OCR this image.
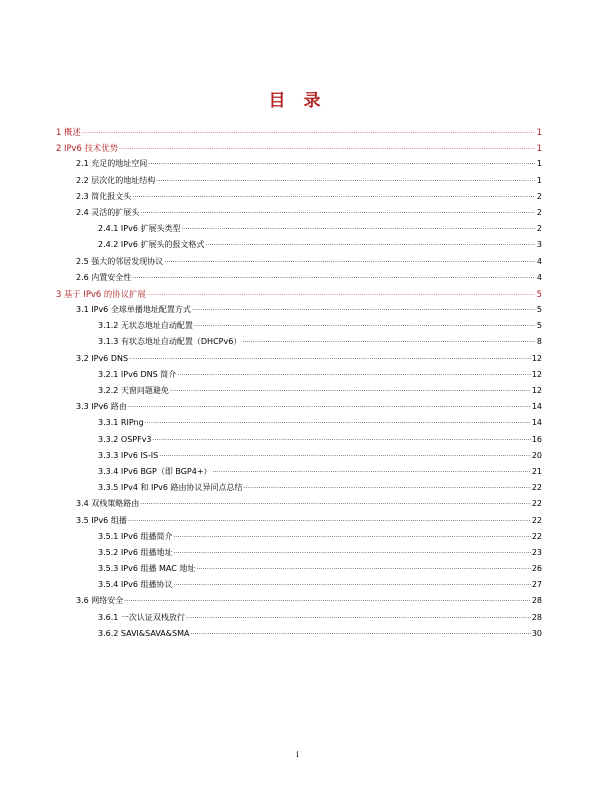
目 录
1 概述 ·····	1
2 IPv6 技术优势 ·····	1
2.1 充足的地址空间 ·····	1
2.2 层次化的地址结构 ·····	1
2.3 简化报文头 ·····	2
2.4 灵活的扩展头 ·····	2
2.4.1 IPv6 扩展头类型 ·····	2
2.4.2 IPv6 扩展头的报文格式 ·····	3
2.5 强大的邻居发现协议 ·····	4
2.6 内置安全性 ·····	4
3 基于 IPv6 的协议扩展 ·····	5
3.1 IPv6 全球单播地址配置方式 ·····	5
3.1.2 无状态地址自动配置 ·····	5
3.1.3 有状态地址自动配置（DHCPv6） ·····	8
3.2 IPv6 DNS ·····	12
3.2.1 IPv6 DNS 简介 ·····	12
3.2.2 天窗问题避免 ·····	12
3.3 IPv6 路由 ·····	14
3.3.1 RIPng ·····	14
3.3.2 OSPFv3 ·····	16
3.3.3 IPv6 IS-IS ·····	20
3.3.4 IPv6 BGP（即 BGP4+） ·····	21
3.3.5 IPv4 和 IPv6 路由协议异同点总结 ·····	22
3.4 双栈策略路由 ·····	22
3.5 IPv6 组播 ·····	22
3.5.1 IPv6 组播简介 ·····	22
3.5.2 IPv6 组播地址 ·····	23
3.5.3 IPv6 组播 MAC 地址 ·····	26
3.5.4 IPv6 组播协议 ·····	27
3.6 网络安全 ·····	28
3.6.1 一次认证双栈放行 ·····	28
3.6.2 SAVI&SAVA&SMA ·····	30
i
